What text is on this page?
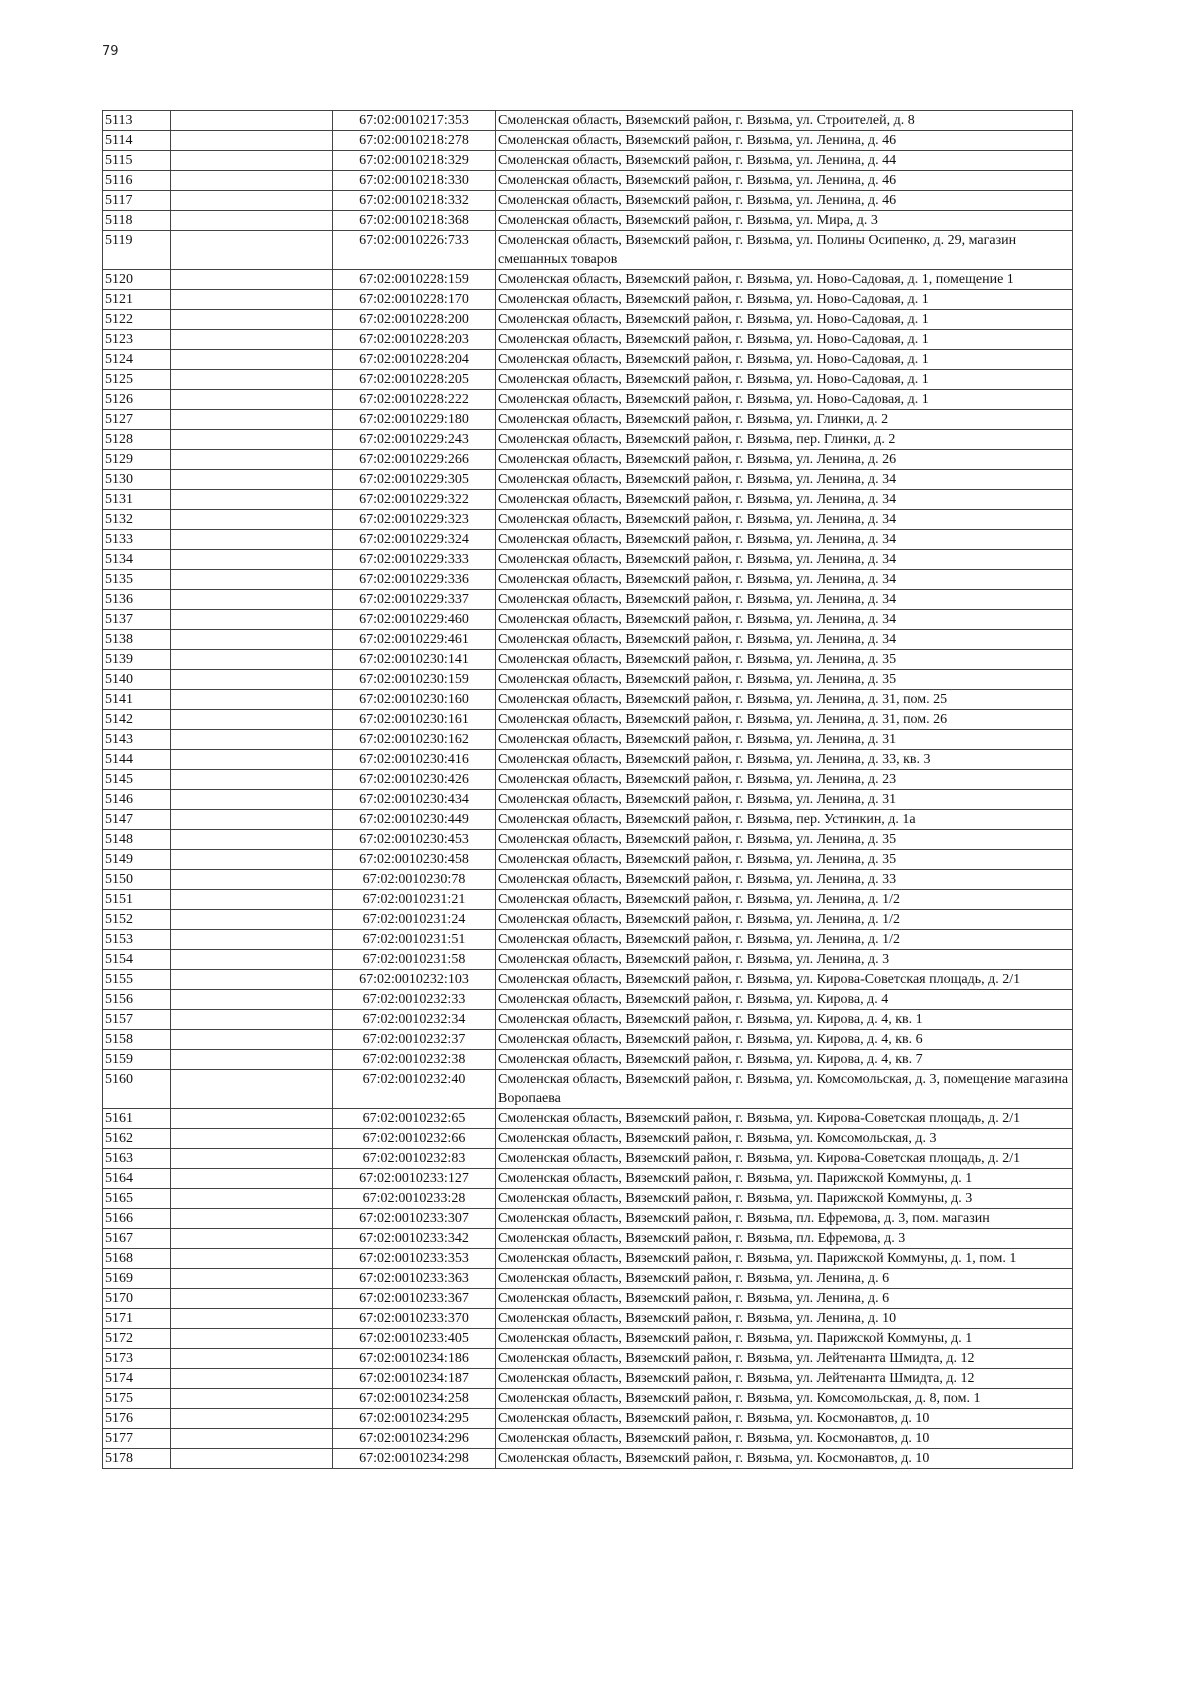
79
5113		67:02:0010217:353	Смоленская область, Вяземский район, г. Вязьма, ул. Строителей, д. 8
5114		67:02:0010218:278	Смоленская область, Вяземский район, г. Вязьма, ул. Ленина, д. 46
5115		67:02:0010218:329	Смоленская область, Вяземский район, г. Вязьма, ул. Ленина, д. 44
5116		67:02:0010218:330	Смоленская область, Вяземский район, г. Вязьма, ул. Ленина, д. 46
5117		67:02:0010218:332	Смоленская область, Вяземский район, г. Вязьма, ул. Ленина, д. 46
5118		67:02:0010218:368	Смоленская область, Вяземский район, г. Вязьма, ул. Мира, д. 3
5119		67:02:0010226:733	Смоленская область, Вяземский район, г. Вязьма, ул. Полины Осипенко, д. 29, магазин смешанных товаров
5120		67:02:0010228:159	Смоленская область, Вяземский район, г. Вязьма, ул. Ново-Садовая, д. 1, помещение 1
5121		67:02:0010228:170	Смоленская область, Вяземский район, г. Вязьма, ул. Ново-Садовая, д. 1
5122		67:02:0010228:200	Смоленская область, Вяземский район, г. Вязьма, ул. Ново-Садовая, д. 1
5123		67:02:0010228:203	Смоленская область, Вяземский район, г. Вязьма, ул. Ново-Садовая, д. 1
5124		67:02:0010228:204	Смоленская область, Вяземский район, г. Вязьма, ул. Ново-Садовая, д. 1
5125		67:02:0010228:205	Смоленская область, Вяземский район, г. Вязьма, ул. Ново-Садовая, д. 1
5126		67:02:0010228:222	Смоленская область, Вяземский район, г. Вязьма, ул. Ново-Садовая, д. 1
5127		67:02:0010229:180	Смоленская область, Вяземский район, г. Вязьма, ул. Глинки, д. 2
5128		67:02:0010229:243	Смоленская область, Вяземский район, г. Вязьма, пер. Глинки, д. 2
5129		67:02:0010229:266	Смоленская область, Вяземский район, г. Вязьма, ул. Ленина, д. 26
5130		67:02:0010229:305	Смоленская область, Вяземский район, г. Вязьма, ул. Ленина, д. 34
5131		67:02:0010229:322	Смоленская область, Вяземский район, г. Вязьма, ул. Ленина, д. 34
5132		67:02:0010229:323	Смоленская область, Вяземский район, г. Вязьма, ул. Ленина, д. 34
5133		67:02:0010229:324	Смоленская область, Вяземский район, г. Вязьма, ул. Ленина, д. 34
5134		67:02:0010229:333	Смоленская область, Вяземский район, г. Вязьма, ул. Ленина, д. 34
5135		67:02:0010229:336	Смоленская область, Вяземский район, г. Вязьма, ул. Ленина, д. 34
5136		67:02:0010229:337	Смоленская область, Вяземский район, г. Вязьма, ул. Ленина, д. 34
5137		67:02:0010229:460	Смоленская область, Вяземский район, г. Вязьма, ул. Ленина, д. 34
5138		67:02:0010229:461	Смоленская область, Вяземский район, г. Вязьма, ул. Ленина, д. 34
5139		67:02:0010230:141	Смоленская область, Вяземский район, г. Вязьма, ул. Ленина, д. 35
5140		67:02:0010230:159	Смоленская область, Вяземский район, г. Вязьма, ул. Ленина, д. 35
5141		67:02:0010230:160	Смоленская область, Вяземский район, г. Вязьма, ул. Ленина, д. 31, пом. 25
5142		67:02:0010230:161	Смоленская область, Вяземский район, г. Вязьма, ул. Ленина, д. 31, пом. 26
5143		67:02:0010230:162	Смоленская область, Вяземский район, г. Вязьма, ул. Ленина, д. 31
5144		67:02:0010230:416	Смоленская область, Вяземский район, г. Вязьма, ул. Ленина, д. 33, кв. 3
5145		67:02:0010230:426	Смоленская область, Вяземский район, г. Вязьма, ул. Ленина, д. 23
5146		67:02:0010230:434	Смоленская область, Вяземский район, г. Вязьма, ул. Ленина, д. 31
5147		67:02:0010230:449	Смоленская область, Вяземский район, г. Вязьма, пер. Устинкин, д. 1а
5148		67:02:0010230:453	Смоленская область, Вяземский район, г. Вязьма, ул. Ленина, д. 35
5149		67:02:0010230:458	Смоленская область, Вяземский район, г. Вязьма, ул. Ленина, д. 35
5150		67:02:0010230:78	Смоленская область, Вяземский район, г. Вязьма, ул. Ленина, д. 33
5151		67:02:0010231:21	Смоленская область, Вяземский район, г. Вязьма, ул. Ленина, д. 1/2
5152		67:02:0010231:24	Смоленская область, Вяземский район, г. Вязьма, ул. Ленина, д. 1/2
5153		67:02:0010231:51	Смоленская область, Вяземский район, г. Вязьма, ул. Ленина, д. 1/2
5154		67:02:0010231:58	Смоленская область, Вяземский район, г. Вязьма, ул. Ленина, д. 3
5155		67:02:0010232:103	Смоленская область, Вяземский район, г. Вязьма, ул. Кирова-Советская площадь, д. 2/1
5156		67:02:0010232:33	Смоленская область, Вяземский район, г. Вязьма, ул. Кирова, д. 4
5157		67:02:0010232:34	Смоленская область, Вяземский район, г. Вязьма, ул. Кирова, д. 4, кв. 1
5158		67:02:0010232:37	Смоленская область, Вяземский район, г. Вязьма, ул. Кирова, д. 4, кв. 6
5159		67:02:0010232:38	Смоленская область, Вяземский район, г. Вязьма, ул. Кирова, д. 4, кв. 7
5160		67:02:0010232:40	Смоленская область, Вяземский район, г. Вязьма, ул. Комсомольская, д. 3, помещение магазина Воропаева
5161		67:02:0010232:65	Смоленская область, Вяземский район, г. Вязьма, ул. Кирова-Советская площадь, д. 2/1
5162		67:02:0010232:66	Смоленская область, Вяземский район, г. Вязьма, ул. Комсомольская, д. 3
5163		67:02:0010232:83	Смоленская область, Вяземский район, г. Вязьма, ул. Кирова-Советская площадь, д. 2/1
5164		67:02:0010233:127	Смоленская область, Вяземский район, г. Вязьма, ул. Парижской Коммуны, д. 1
5165		67:02:0010233:28	Смоленская область, Вяземский район, г. Вязьма, ул. Парижской Коммуны, д. 3
5166		67:02:0010233:307	Смоленская область, Вяземский район, г. Вязьма, пл. Ефремова, д. 3, пом. магазин
5167		67:02:0010233:342	Смоленская область, Вяземский район, г. Вязьма, пл. Ефремова, д. 3
5168		67:02:0010233:353	Смоленская область, Вяземский район, г. Вязьма, ул. Парижской Коммуны, д. 1, пом. 1
5169		67:02:0010233:363	Смоленская область, Вяземский район, г. Вязьма, ул. Ленина, д. 6
5170		67:02:0010233:367	Смоленская область, Вяземский район, г. Вязьма, ул. Ленина, д. 6
5171		67:02:0010233:370	Смоленская область, Вяземский район, г. Вязьма, ул. Ленина, д. 10
5172		67:02:0010233:405	Смоленская область, Вяземский район, г. Вязьма, ул. Парижской Коммуны, д. 1
5173		67:02:0010234:186	Смоленская область, Вяземский район, г. Вязьма, ул. Лейтенанта Шмидта, д. 12
5174		67:02:0010234:187	Смоленская область, Вяземский район, г. Вязьма, ул. Лейтенанта Шмидта, д. 12
5175		67:02:0010234:258	Смоленская область, Вяземский район, г. Вязьма, ул. Комсомольская, д. 8, пом. 1
5176		67:02:0010234:295	Смоленская область, Вяземский район, г. Вязьма, ул. Космонавтов, д. 10
5177		67:02:0010234:296	Смоленская область, Вяземский район, г. Вязьма, ул. Космонавтов, д. 10
5178		67:02:0010234:298	Смоленская область, Вяземский район, г. Вязьма, ул. Космонавтов, д. 10
